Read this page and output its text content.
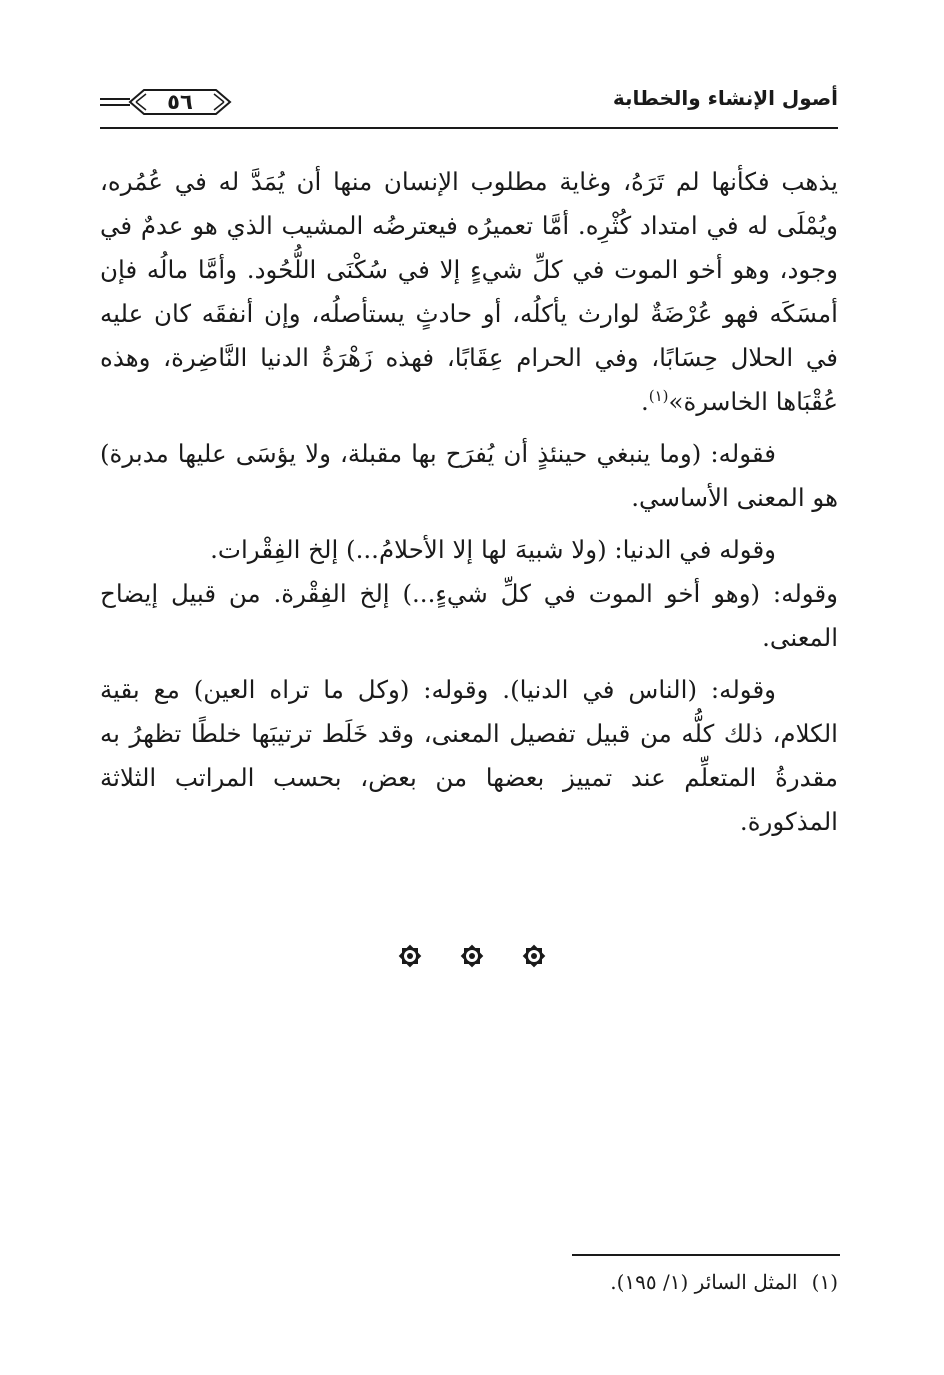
٥٦	أصول الإنشاء والخطابة

يذهب فكأنها لم تَرَهُ، وغاية مطلوب الإنسان منها أن يُمَدَّ له في عُمُره، ويُمْلَى له في امتداد كُثْرِه. أمَّا تعميرُه فيعترضُه المشيب الذي هو عدمٌ في وجود، وهو أخو الموت في كلِّ شيءٍ إلا في سُكْنَى اللُّحُود. وأمَّا مالُه فإن أمسَكَه فهو عُرْضَةٌ لوارث يأكلُه، أو حادثٍ يستأصلُه، وإن أنفقَه كان عليه في الحلال حِسَابًا، وفي الحرام عِقَابًا، فهذه زَهْرَةُ الدنيا النَّاضِرة، وهذه عُقْبَاها الخاسرة»$^{(١)}$.

فقوله: (وما ينبغي حينئذٍ أن يُفرَح بها مقبلة، ولا يؤسَى عليها مدبرة) هو المعنى الأساسي.

وقوله في الدنيا: (ولا شبيهَ لها إلا الأحلامُ...) إلخ الفِقْرات.

وقوله: (وهو أخو الموت في كلِّ شيءٍ...) إلخ الفِقْرة. من قبيل إيضاح المعنى.

وقوله: (الناس في الدنيا). وقوله: (وكل ما تراه العين) مع بقية الكلام، ذلك كلُّه من قبيل تفصيل المعنى، وقد خَلَط ترتيبَها خلطًا تظهرُ به مقدرةُ المتعلِّم عند تمييز بعضها من بعض، بحسب المراتب الثلاثة المذكورة.

(١)المثل السائر (١/ ١٩٥).
